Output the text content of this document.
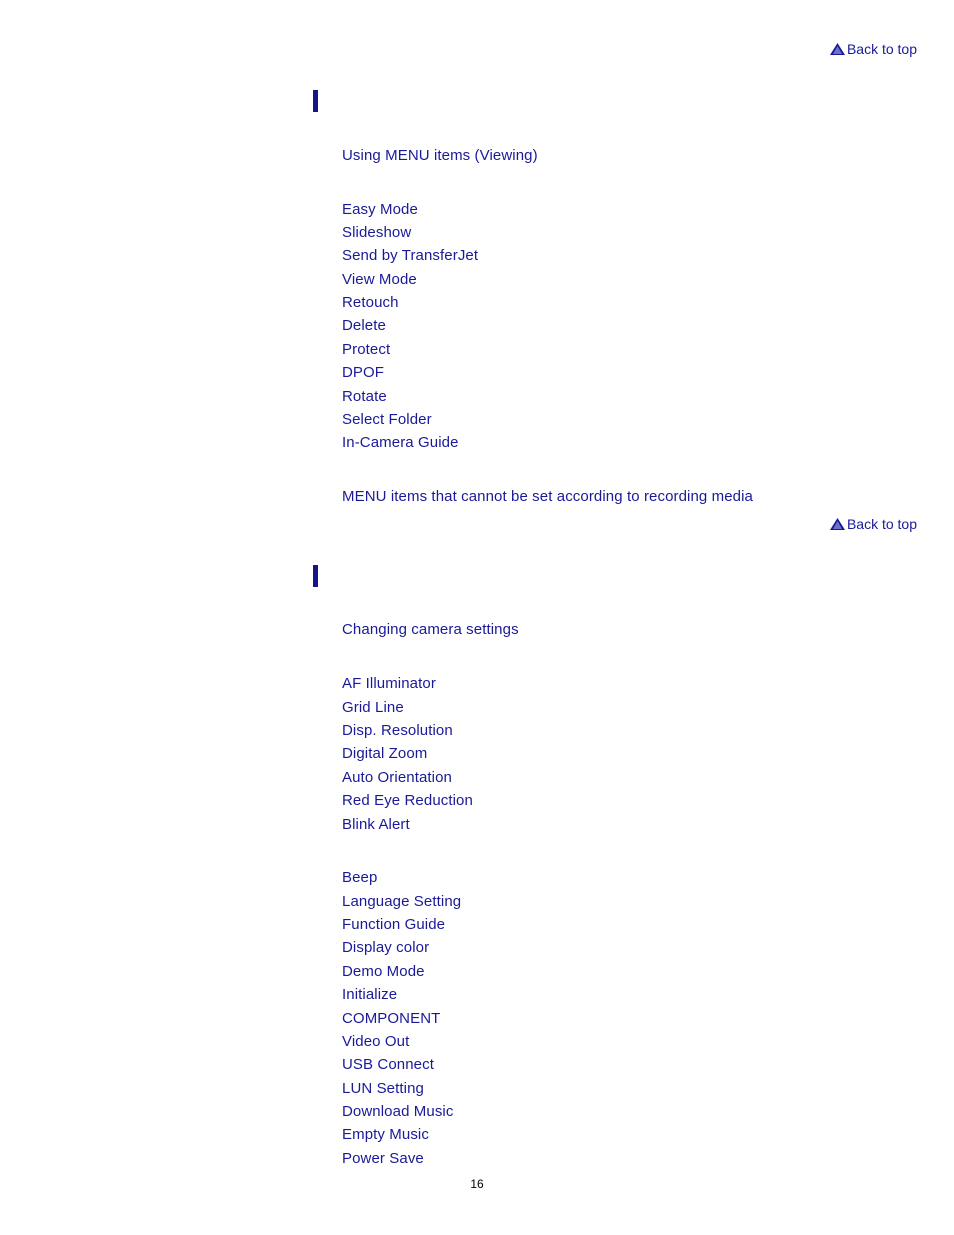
Back to top
Using MENU items (Viewing)
Easy Mode
Slideshow
Send by TransferJet
View Mode
Retouch
Delete
Protect
DPOF
Rotate
Select Folder
In-Camera Guide
MENU items that cannot be set according to recording media
Back to top
Changing camera settings
AF Illuminator
Grid Line
Disp. Resolution
Digital Zoom
Auto Orientation
Red Eye Reduction
Blink Alert
Beep
Language Setting
Function Guide
Display color
Demo Mode
Initialize
COMPONENT
Video Out
USB Connect
LUN Setting
Download Music
Empty Music
Power Save
16
